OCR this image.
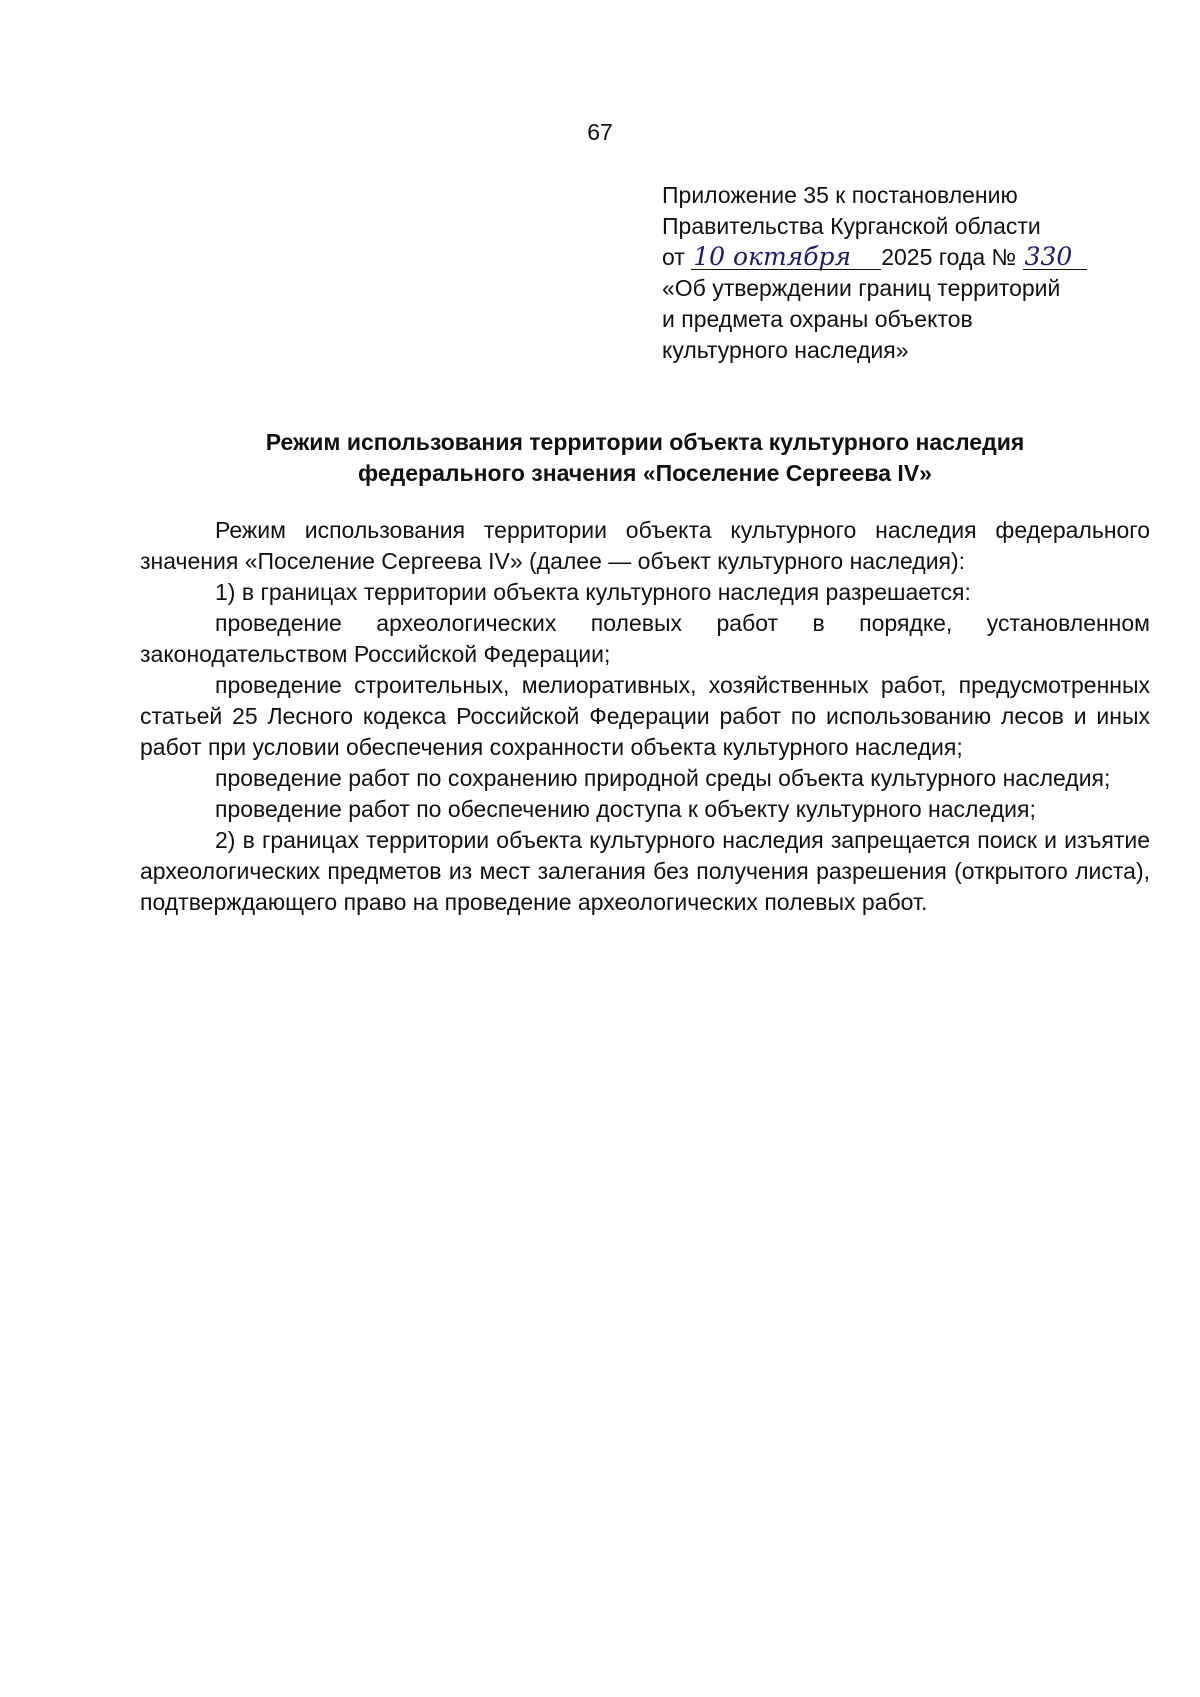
67
Приложение 35 к постановлению
Правительства Курганской области
от 10 октября 2025 года № 330
«Об утверждении границ территорий
и предмета охраны объектов
культурного наследия»
Режим использования территории объекта культурного наследия
федерального значения «Поселение Сергеева IV»

Режим использования территории объекта культурного наследия федерального значения «Поселение Сергеева IV» (далее — объект культурного наследия):

1) в границах территории объекта культурного наследия разрешается:

проведение археологических полевых работ в порядке, установленном законодательством Российской Федерации;

проведение строительных, мелиоративных, хозяйственных работ, предусмотренных статьей 25 Лесного кодекса Российской Федерации работ по использованию лесов и иных работ при условии обеспечения сохранности объекта культурного наследия;

проведение работ по сохранению природной среды объекта культурного наследия;

проведение работ по обеспечению доступа к объекту культурного наследия;

2) в границах территории объекта культурного наследия запрещается поиск и изъятие археологических предметов из мест залегания без получения разрешения (открытого листа), подтверждающего право на проведение археологических полевых работ.
